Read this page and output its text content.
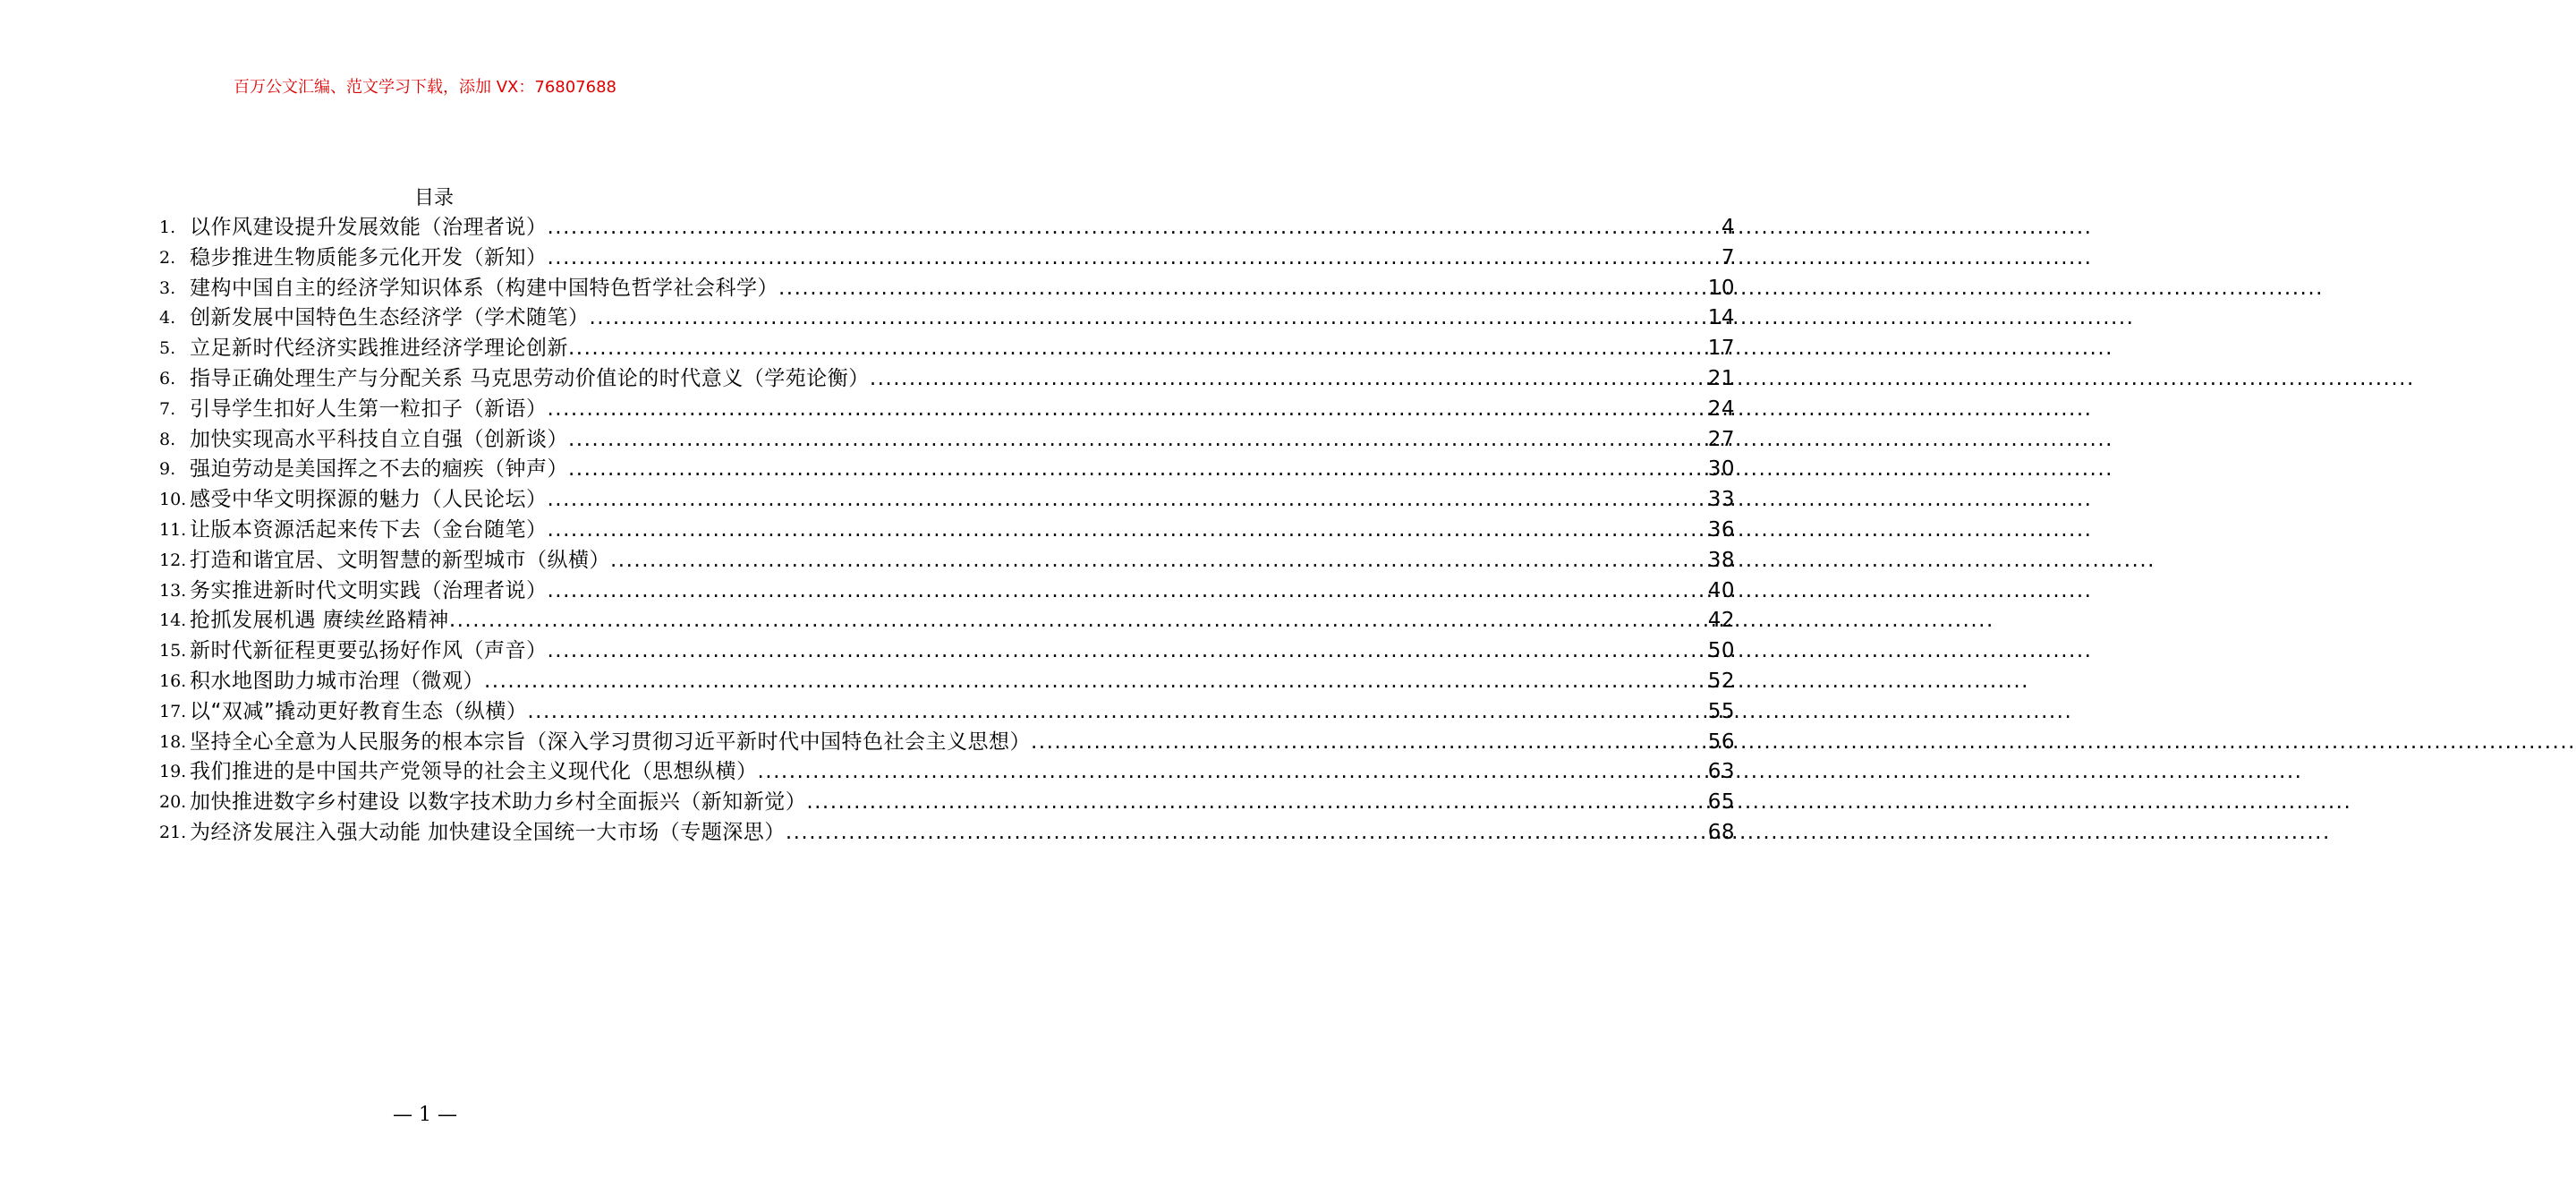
百万公文汇编、范文学习下载，添加 VX：76807688
目录
1. 以作风建设提升发展效能（治理者说） .....	4
2. 稳步推进生物质能多元化开发（新知） .....	7
3. 建构中国自主的经济学知识体系（构建中国特色哲学社会科学） .....	10
4. 创新发展中国特色生态经济学（学术随笔） .....	14
5. 立足新时代经济实践推进经济学理论创新 .....	17
6. 指导正确处理生产与分配关系 马克思劳动价值论的时代意义（学苑论衡） .....	21
7. 引导学生扣好人生第一粒扣子（新语） .....	24
8. 加快实现高水平科技自立自强（创新谈） .....	27
9. 强迫劳动是美国挥之不去的痼疾（钟声） .....	30
10. 感受中华文明探源的魅力（人民论坛） .....	33
11. 让版本资源活起来传下去（金台随笔） .....	36
12. 打造和谐宜居、文明智慧的新型城市（纵横） .....	38
13. 务实推进新时代文明实践（治理者说） .....	40
14. 抢抓发展机遇 赓续丝路精神 .....	42
15. 新时代新征程更要弘扬好作风（声音） .....	50
16. 积水地图助力城市治理（微观） .....	52
17. 以“双减”撬动更好教育生态（纵横） .....	55
18. 坚持全心全意为人民服务的根本宗旨（深入学习贯彻习近平新时代中国特色社会主义思想） .....	56
19. 我们推进的是中国共产党领导的社会主义现代化（思想纵横） .....	63
20. 加快推进数字乡村建设 以数字技术助力乡村全面振兴（新知新觉） .....	65
21. 为经济发展注入强大动能 加快建设全国统一大市场（专题深思） .....	68
— 1 —
